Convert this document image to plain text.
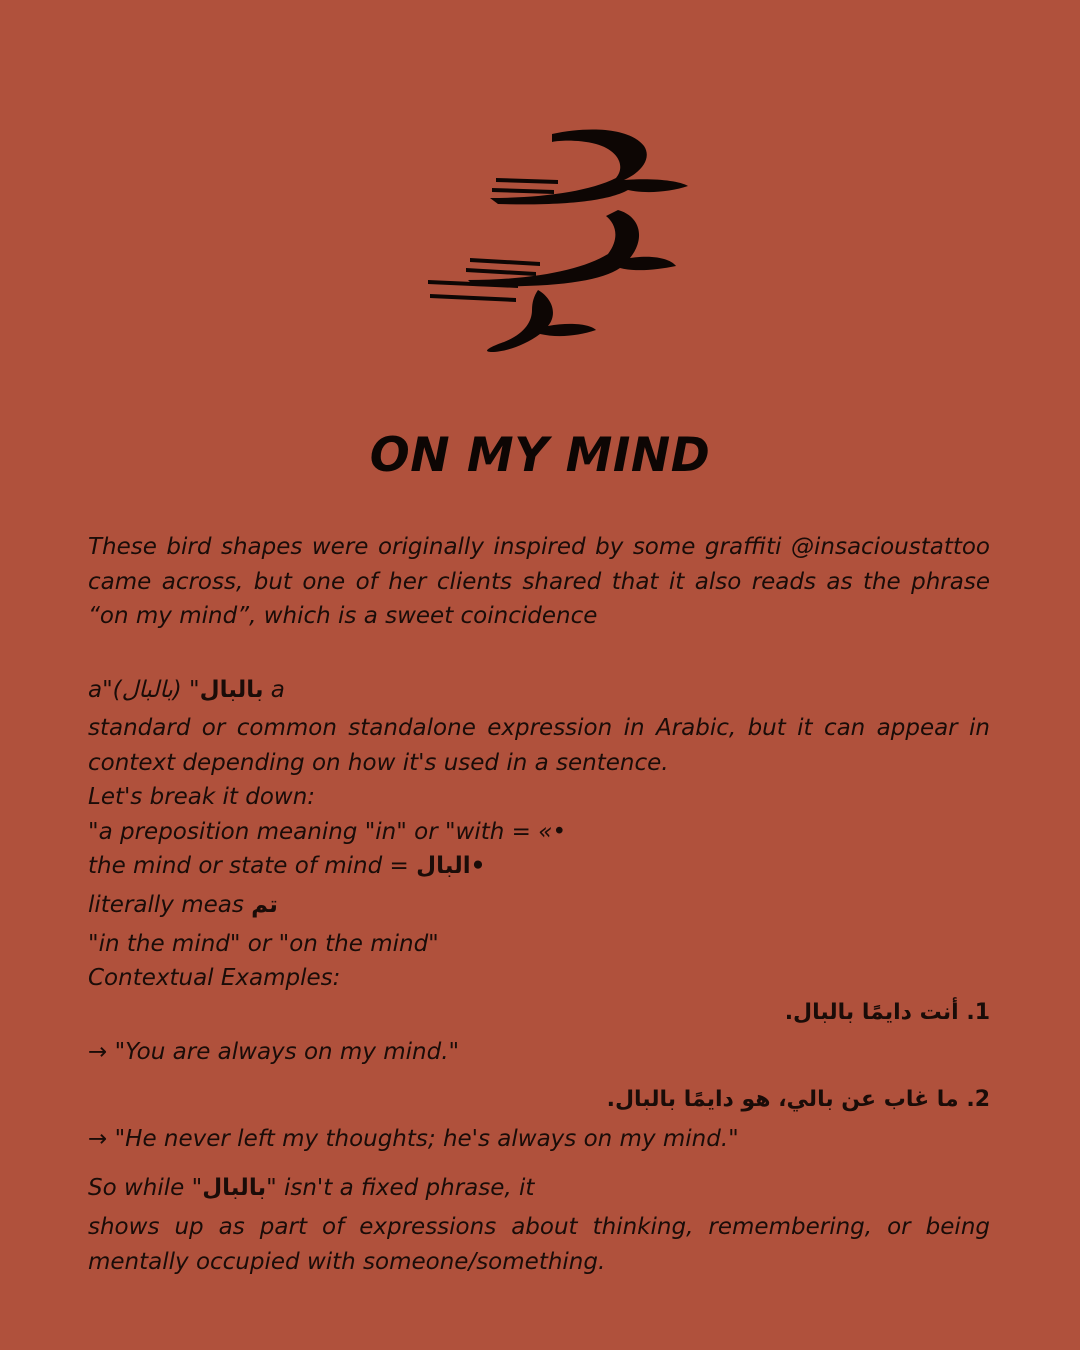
ON MY MIND
These bird shapes were originally inspired by some graffiti @insacioustattoo came across, but one of her clients shared that it also reads as the phrase “on my mind”, which is a sweet coincidence
a"(بالبال) "بالبال a
standard or common standalone expression in Arabic, but it can appear in context depending on how it's used in a sentence.
Let's break it down:
"a preposition meaning "in" or "with = «•
the mind or state of mind = البال•
literally meas تم
"in the mind" or "on the mind"
Contextual Examples:
1. أنت دايمًا بالبال.
→ "You are always on my mind."
2. ما غاب عن بالي، هو دايمًا بالبال.
→ "He never left my thoughts; he's always on my mind."
So while "بالبال" isn't a fixed phrase, it
shows up as part of expressions about thinking, remembering, or being mentally occupied with someone/something.
